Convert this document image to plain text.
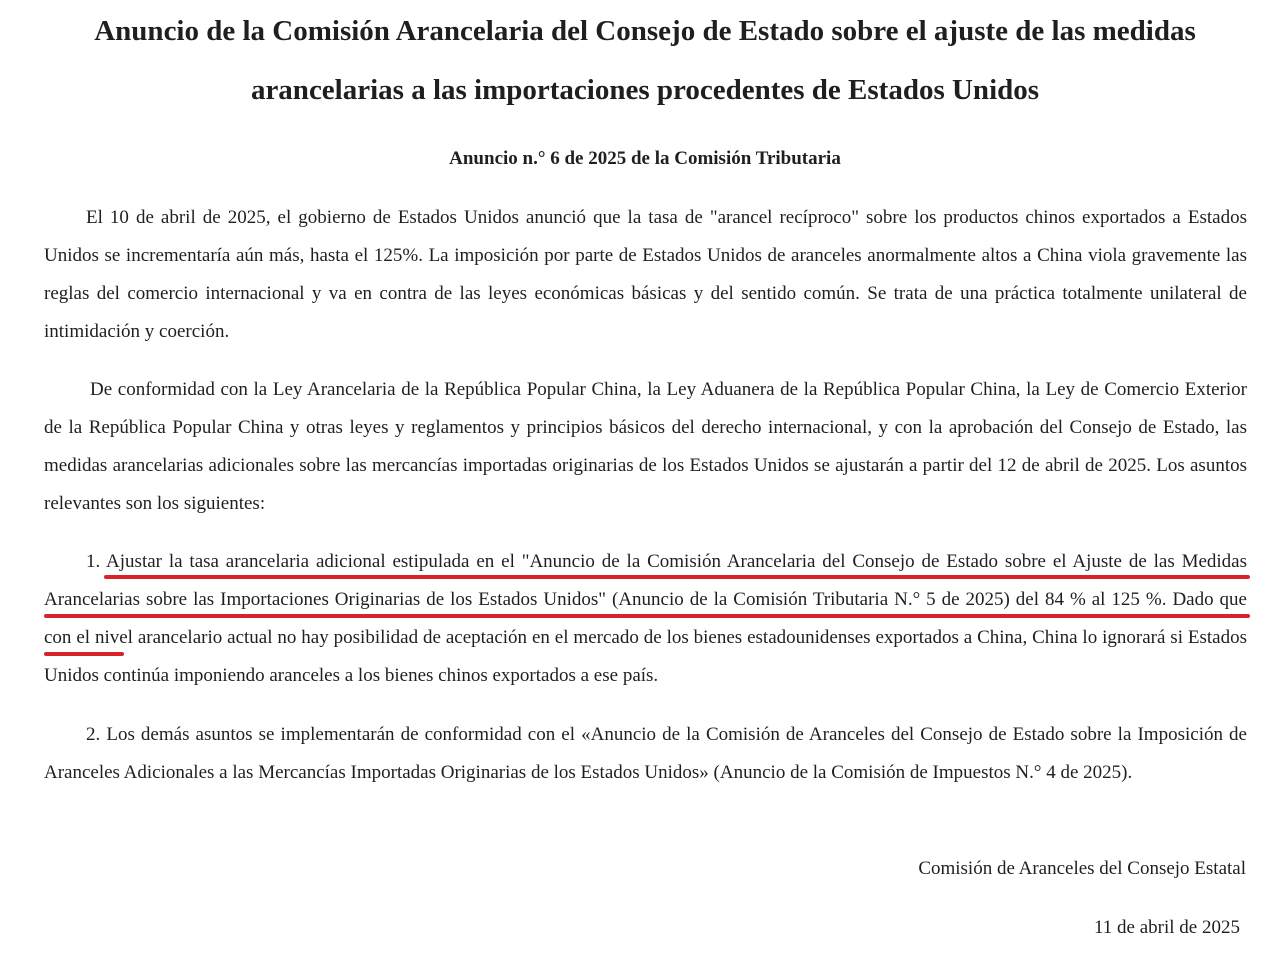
Anuncio de la Comisión Arancelaria del Consejo de Estado sobre el ajuste de las medidas
arancelarias a las importaciones procedentes de Estados Unidos
Anuncio n.° 6 de 2025 de la Comisión Tributaria

El 10 de abril de 2025, el gobierno de Estados Unidos anunció que la tasa de "arancel recíproco" sobre los productos chinos exportados a Estados Unidos se incrementaría aún más, hasta el 125%. La imposición por parte de Estados Unidos de aranceles anormalmente altos a China viola gravemente las reglas del comercio internacional y va en contra de las leyes económicas básicas y del sentido común. Se trata de una práctica totalmente unilateral de intimidación y coerción.

De conformidad con la Ley Arancelaria de la República Popular China, la Ley Aduanera de la República Popular China, la Ley de Comercio Exterior de la República Popular China y otras leyes y reglamentos y principios básicos del derecho internacional, y con la aprobación del Consejo de Estado, las medidas arancelarias adicionales sobre las mercancías importadas originarias de los Estados Unidos se ajustarán a partir del 12 de abril de 2025. Los asuntos relevantes son los siguientes:

1. Ajustar la tasa arancelaria adicional estipulada en el "Anuncio de la Comisión Arancelaria del Consejo de Estado sobre el Ajuste de las Medidas Arancelarias sobre las Importaciones Originarias de los Estados Unidos" (Anuncio de la Comisión Tributaria N.° 5 de 2025) del 84 % al 125 %. Dado que con el nivel arancelario actual no hay posibilidad de aceptación en el mercado de los bienes estadounidenses exportados a China, China lo ignorará si Estados Unidos continúa imponiendo aranceles a los bienes chinos exportados a ese país.

2. Los demás asuntos se implementarán de conformidad con el «Anuncio de la Comisión de Aranceles del Consejo de Estado sobre la Imposición de Aranceles Adicionales a las Mercancías Importadas Originarias de los Estados Unidos» (Anuncio de la Comisión de Impuestos N.° 4 de 2025).

Comisión de Aranceles del Consejo Estatal

11 de abril de 2025
